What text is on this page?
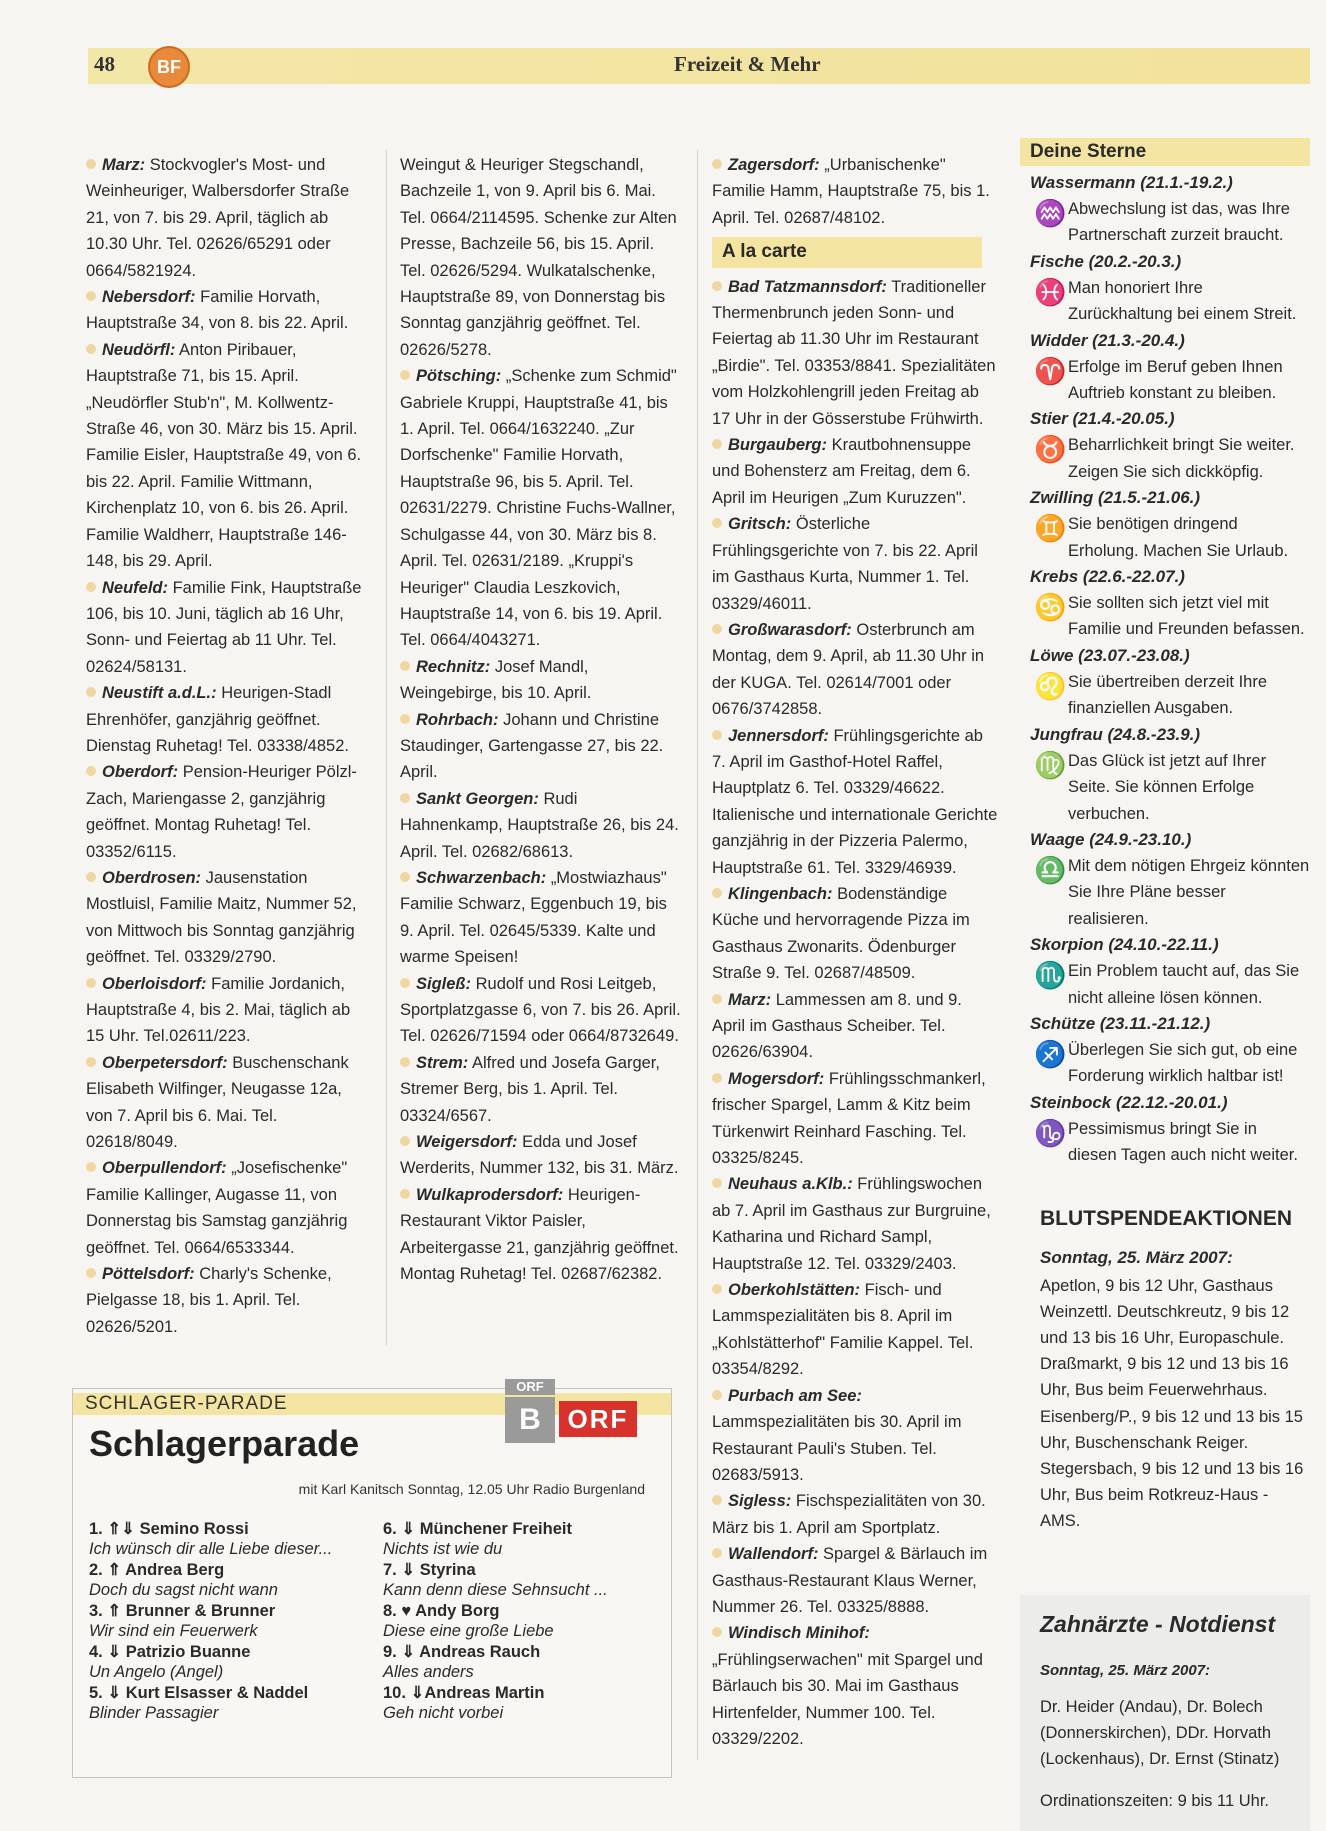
48	BF	Freizeit & Mehr

Marz: Stockvogler's Most- und Weinheuriger, Walbersdorfer Straße 21, von 7. bis 29. April, täglich ab 10.30 Uhr. Tel. 02626/65291 oder 0664/5821924.

Nebersdorf: Familie Horvath, Hauptstraße 34, von 8. bis 22. April.

Neudörfl: Anton Piribauer, Hauptstraße 71, bis 15. April. „Neudörfler Stub'n", M. Kollwentz-Straße 46, von 30. März bis 15. April. Familie Eisler, Hauptstraße 49, von 6. bis 22. April. Familie Wittmann, Kirchenplatz 10, von 6. bis 26. April. Familie Waldherr, Hauptstraße 146-148, bis 29. April.

Neufeld: Familie Fink, Hauptstraße 106, bis 10. Juni, täglich ab 16 Uhr, Sonn- und Feiertag ab 11 Uhr. Tel. 02624/58131.

Neustift a.d.L.: Heurigen-Stadl Ehrenhöfer, ganzjährig geöffnet. Dienstag Ruhetag! Tel. 03338/4852.

Oberdorf: Pension-Heuriger Pölzl-Zach, Mariengasse 2, ganzjährig geöffnet. Montag Ruhetag! Tel. 03352/6115.

Oberdrosen: Jausenstation Mostluisl, Familie Maitz, Nummer 52, von Mittwoch bis Sonntag ganzjährig geöffnet. Tel. 03329/2790.

Oberloisdorf: Familie Jordanich, Hauptstraße 4, bis 2. Mai, täglich ab 15 Uhr. Tel.02611/223.

Oberpetersdorf: Buschenschank Elisabeth Wilfinger, Neugasse 12a, von 7. April bis 6. Mai. Tel. 02618/8049.

Oberpullendorf: „Josefischenke" Familie Kallinger, Augasse 11, von Donnerstag bis Samstag ganzjährig geöffnet. Tel. 0664/6533344.

Pöttelsdorf: Charly's Schenke, Pielgasse 18, bis 1. April. Tel. 02626/5201.

Weingut & Heuriger Stegschandl, Bachzeile 1, von 9. April bis 6. Mai. Tel. 0664/2114595. Schenke zur Alten Presse, Bachzeile 56, bis 15. April. Tel. 02626/5294. Wulkatalschenke, Hauptstraße 89, von Donnerstag bis Sonntag ganzjährig geöffnet. Tel. 02626/5278.

Pötsching: „Schenke zum Schmid" Gabriele Kruppi, Hauptstraße 41, bis 1. April. Tel. 0664/1632240. „Zur Dorfschenke" Familie Horvath, Hauptstraße 96, bis 5. April. Tel. 02631/2279. Christine Fuchs-Wallner, Schulgasse 44, von 30. März bis 8. April. Tel. 02631/2189. „Kruppi's Heuriger" Claudia Leszkovich, Hauptstraße 14, von 6. bis 19. April. Tel. 0664/4043271.

Rechnitz: Josef Mandl, Weingebirge, bis 10. April.

Rohrbach: Johann und Christine Staudinger, Gartengasse 27, bis 22. April.

Sankt Georgen: Rudi Hahnenkamp, Hauptstraße 26, bis 24. April. Tel. 02682/68613.

Schwarzenbach: „Mostwiazhaus" Familie Schwarz, Eggenbuch 19, bis 9. April. Tel. 02645/5339. Kalte und warme Speisen!

Sigleß: Rudolf und Rosi Leitgeb, Sportplatzgasse 6, von 7. bis 26. April. Tel. 02626/71594 oder 0664/8732649.

Strem: Alfred und Josefa Garger, Stremer Berg, bis 1. April. Tel. 03324/6567.

Weigersdorf: Edda und Josef Werderits, Nummer 132, bis 31. März.

Wulkaprodersdorf: Heurigen-Restaurant Viktor Paisler, Arbeitergasse 21, ganzjährig geöffnet. Montag Ruhetag! Tel. 02687/62382.

Zagersdorf: „Urbanischenke" Familie Hamm, Hauptstraße 75, bis 1. April. Tel. 02687/48102.

A la carte

Bad Tatzmannsdorf: Traditioneller Thermenbrunch jeden Sonn- und Feiertag ab 11.30 Uhr im Restaurant „Birdie". Tel. 03353/8841. Spezialitäten vom Holzkohlengrill jeden Freitag ab 17 Uhr in der Gösserstube Frühwirth.

Burgauberg: Krautbohnensuppe und Bohensterz am Freitag, dem 6. April im Heurigen „Zum Kuruzzen".

Gritsch: Österliche Frühlingsgerichte von 7. bis 22. April im Gasthaus Kurta, Nummer 1. Tel. 03329/46011.

Großwarasdorf: Osterbrunch am Montag, dem 9. April, ab 11.30 Uhr in der KUGA. Tel. 02614/7001 oder 0676/3742858.

Jennersdorf: Frühlingsgerichte ab 7. April im Gasthof-Hotel Raffel, Hauptplatz 6. Tel. 03329/46622. Italienische und internationale Gerichte ganzjährig in der Pizzeria Palermo, Hauptstraße 61. Tel. 3329/46939.

Klingenbach: Bodenständige Küche und hervorragende Pizza im Gasthaus Zwonarits. Ödenburger Straße 9. Tel. 02687/48509.

Marz: Lammessen am 8. und 9. April im Gasthaus Scheiber. Tel. 02626/63904.

Mogersdorf: Frühlingsschmankerl, frischer Spargel, Lamm & Kitz beim Türkenwirt Reinhard Fasching. Tel. 03325/8245.

Neuhaus a.Klb.: Frühlingswochen ab 7. April im Gasthaus zur Burgruine, Katharina und Richard Sampl, Hauptstraße 12. Tel. 03329/2403.

Oberkohlstätten: Fisch- und Lammspezialitäten bis 8. April im „Kohlstätterhof" Familie Kappel. Tel. 03354/8292.

Purbach am See: Lammspezialitäten bis 30. April im Restaurant Pauli's Stuben. Tel. 02683/5913.

Sigless: Fischspezialitäten von 30. März bis 1. April am Sportplatz.

Wallendorf: Spargel & Bärlauch im Gasthaus-Restaurant Klaus Werner, Nummer 26. Tel. 03325/8888.

Windisch Minihof: „Frühlingserwachen" mit Spargel und Bärlauch bis 30. Mai im Gasthaus Hirtenfelder, Nummer 100. Tel. 03329/2202.

Deine Sterne
Wassermann (21.1.-19.2.)
♒ Abwechslung ist das, was Ihre Partnerschaft zurzeit braucht.
Fische (20.2.-20.3.)
♓ Man honoriert Ihre Zurückhaltung bei einem Streit.
Widder (21.3.-20.4.)
♈ Erfolge im Beruf geben Ihnen Auftrieb konstant zu bleiben.
Stier (21.4.-20.05.)
♉ Beharrlichkeit bringt Sie weiter. Zeigen Sie sich dickköpfig.
Zwilling (21.5.-21.06.)
♊ Sie benötigen dringend Erholung. Machen Sie Urlaub.
Krebs (22.6.-22.07.)
♋ Sie sollten sich jetzt viel mit Familie und Freunden befassen.
Löwe (23.07.-23.08.)
♌ Sie übertreiben derzeit Ihre finanziellen Ausgaben.
Jungfrau (24.8.-23.9.)
♍ Das Glück ist jetzt auf Ihrer Seite. Sie können Erfolge verbuchen.
Waage (24.9.-23.10.)
♎ Mit dem nötigen Ehrgeiz könnten Sie Ihre Pläne besser realisieren.
Skorpion (24.10.-22.11.)
♏ Ein Problem taucht auf, das Sie nicht alleine lösen können.
Schütze (23.11.-21.12.)
♐ Überlegen Sie sich gut, ob eine Forderung wirklich haltbar ist!
Steinbock (22.12.-20.01.)
♑ Pessimismus bringt Sie in diesen Tagen auch nicht weiter.
BLUTSPENDEAKTIONEN
Sonntag, 25. März 2007:
Apetlon, 9 bis 12 Uhr, Gasthaus Weinzettl. Deutschkreutz, 9 bis 12 und 13 bis 16 Uhr, Europaschule. Draßmarkt, 9 bis 12 und 13 bis 16 Uhr, Bus beim Feuerwehrhaus. Eisenberg/P., 9 bis 12 und 13 bis 15 Uhr, Buschenschank Reiger. Stegersbach, 9 bis 12 und 13 bis 16 Uhr, Bus beim Rotkreuz-Haus - AMS.
Zahnärzte - Notdienst
Sonntag, 25. März 2007:
Dr. Heider (Andau), Dr. Bolech (Donnerskirchen), DDr. Horvath (Lockenhaus), Dr. Ernst (Stinatz)
Ordinationszeiten: 9 bis 11 Uhr.
SCHLAGER-PARADE
Schlagerparade
ORF
B	ORF
mit Karl Kanitsch Sonntag, 12.05 Uhr Radio Burgenland
1. ⇑⇓ Semino Rossi
Ich wünsch dir alle Liebe dieser...
2. ⇑ Andrea Berg
Doch du sagst nicht wann
3. ⇑ Brunner & Brunner
Wir sind ein Feuerwerk
4. ⇓ Patrizio Buanne
Un Angelo (Angel)
5. ⇓ Kurt Elsasser & Naddel
Blinder Passagier
6. ⇓ Münchener Freiheit
Nichts ist wie du
7. ⇓ Styrina
Kann denn diese Sehnsucht ...
8. ♥ Andy Borg
Diese eine große Liebe
9. ⇓ Andreas Rauch
Alles anders
10. ⇓Andreas Martin
Geh nicht vorbei
